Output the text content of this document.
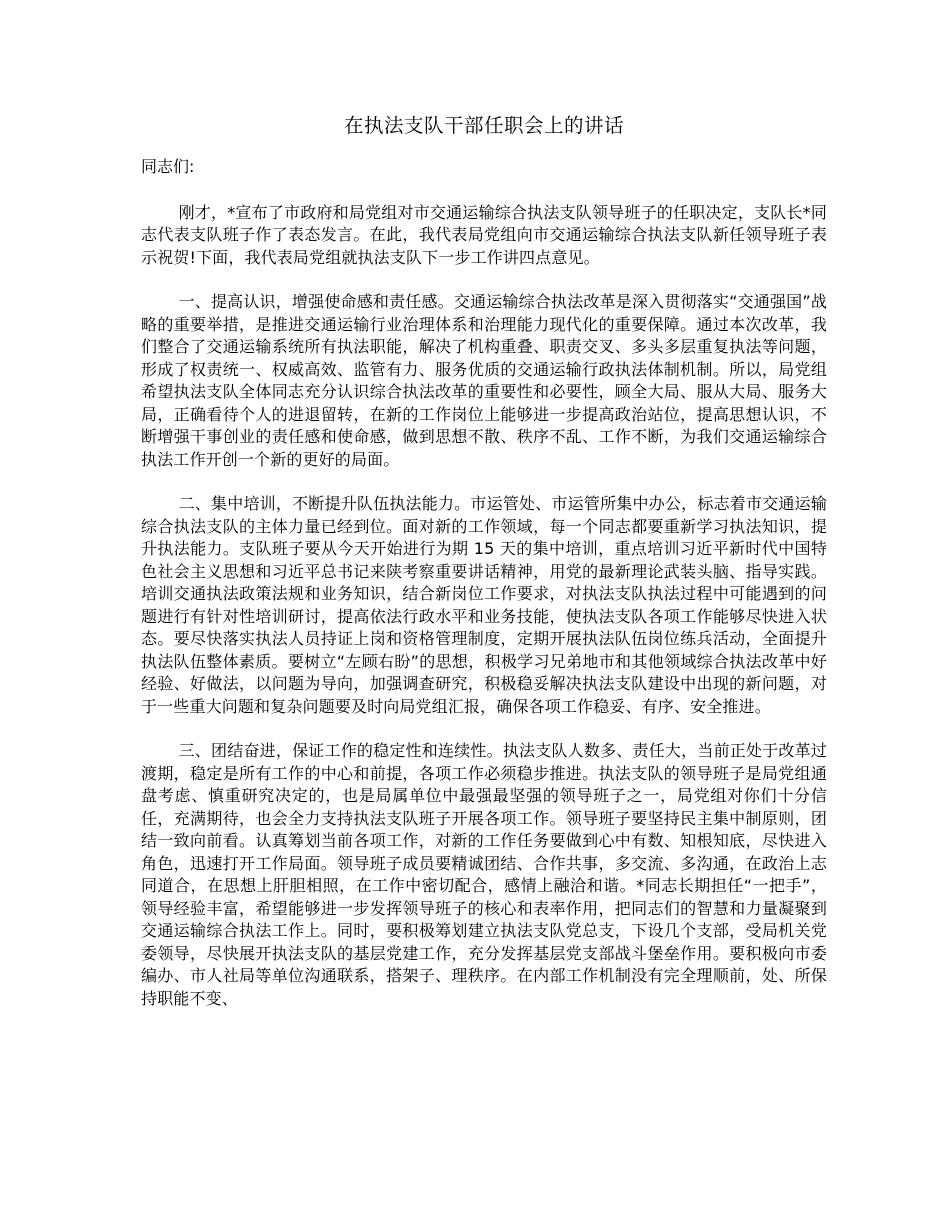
在执法支队干部任职会上的讲话
同志们:

刚才，*宣布了市政府和局党组对市交通运输综合执法支队领导班子的任职决定，支队长*同志代表支队班子作了表态发言。在此，我代表局党组向市交通运输综合执法支队新任领导班子表示祝贺!下面，我代表局党组就执法支队下一步工作讲四点意见。

一、提高认识，增强使命感和责任感。交通运输综合执法改革是深入贯彻落实“交通强国”战略的重要举措，是推进交通运输行业治理体系和治理能力现代化的重要保障。通过本次改革，我们整合了交通运输系统所有执法职能，解决了机构重叠、职责交叉、多头多层重复执法等问题，形成了权责统一、权威高效、监管有力、服务优质的交通运输行政执法体制机制。所以，局党组希望执法支队全体同志充分认识综合执法改革的重要性和必要性，顾全大局、服从大局、服务大局，正确看待个人的进退留转，在新的工作岗位上能够进一步提高政治站位，提高思想认识，不断增强干事创业的责任感和使命感，做到思想不散、秩序不乱、工作不断，为我们交通运输综合执法工作开创一个新的更好的局面。

二、集中培训，不断提升队伍执法能力。市运管处、市运管所集中办公，标志着市交通运输综合执法支队的主体力量已经到位。面对新的工作领域，每一个同志都要重新学习执法知识，提升执法能力。支队班子要从今天开始进行为期 15 天的集中培训，重点培训习近平新时代中国特色社会主义思想和习近平总书记来陕考察重要讲话精神，用党的最新理论武装头脑、指导实践。培训交通执法政策法规和业务知识，结合新岗位工作要求，对执法支队执法过程中可能遇到的问题进行有针对性培训研讨，提高依法行政水平和业务技能，使执法支队各项工作能够尽快进入状态。要尽快落实执法人员持证上岗和资格管理制度，定期开展执法队伍岗位练兵活动，全面提升执法队伍整体素质。要树立“左顾右盼”的思想，积极学习兄弟地市和其他领域综合执法改革中好经验、好做法，以问题为导向，加强调查研究，积极稳妥解决执法支队建设中出现的新问题，对于一些重大问题和复杂问题要及时向局党组汇报，确保各项工作稳妥、有序、安全推进。

三、团结奋进，保证工作的稳定性和连续性。执法支队人数多、责任大，当前正处于改革过渡期，稳定是所有工作的中心和前提，各项工作必须稳步推进。执法支队的领导班子是局党组通盘考虑、慎重研究决定的，也是局属单位中最强最坚强的领导班子之一，局党组对你们十分信任，充满期待，也会全力支持执法支队班子开展各项工作。领导班子要坚持民主集中制原则，团结一致向前看。认真筹划当前各项工作，对新的工作任务要做到心中有数、知根知底，尽快进入角色，迅速打开工作局面。领导班子成员要精诚团结、合作共事，多交流、多沟通，在政治上志同道合，在思想上肝胆相照，在工作中密切配合，感情上融洽和谐。*同志长期担任“一把手”，领导经验丰富，希望能够进一步发挥领导班子的核心和表率作用，把同志们的智慧和力量凝聚到交通运输综合执法工作上。同时，要积极筹划建立执法支队党总支，下设几个支部，受局机关党委领导，尽快展开执法支队的基层党建工作，充分发挥基层党支部战斗堡垒作用。要积极向市委编办、市人社局等单位沟通联系，搭架子、理秩序。在内部工作机制没有完全理顺前，处、所保持职能不变、
